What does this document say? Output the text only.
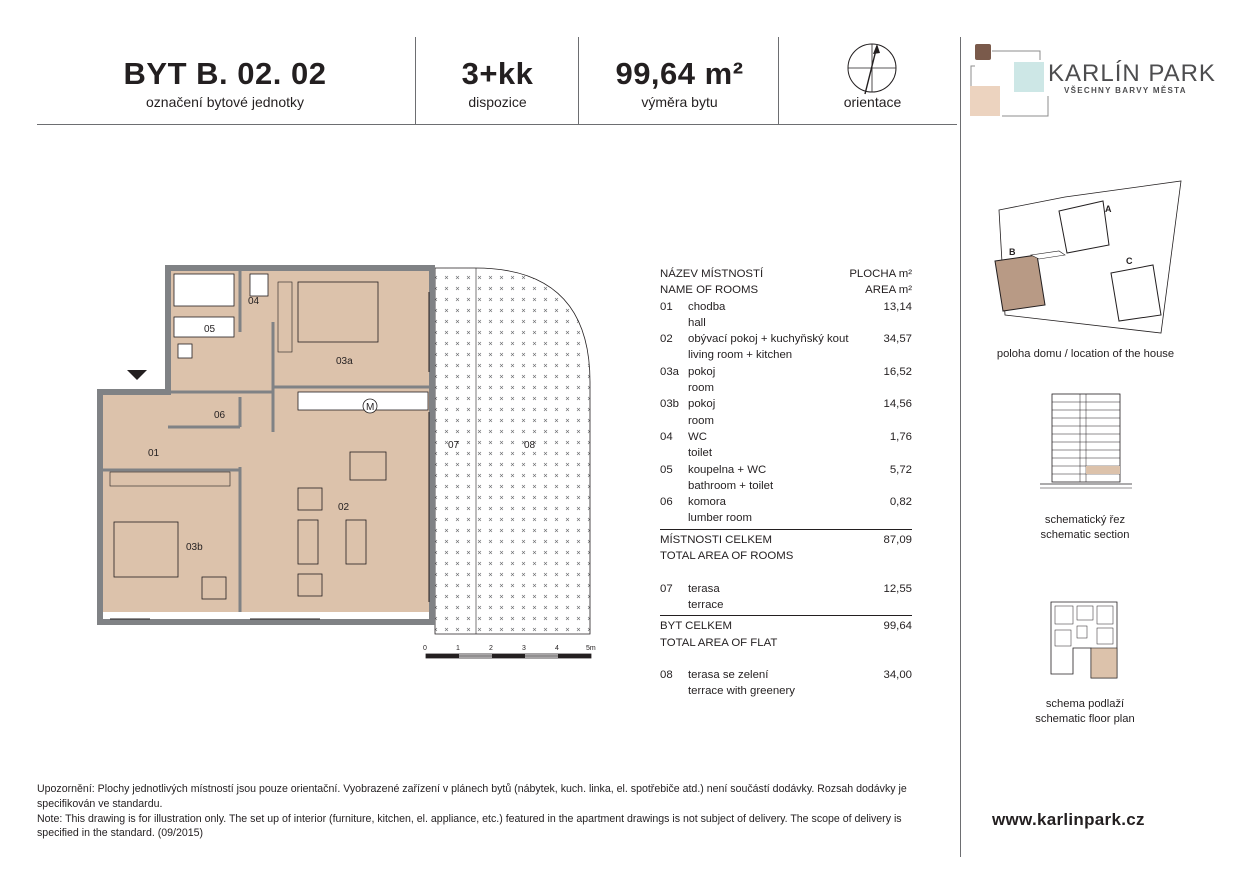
BYT B. 02. 02
označení bytové jednotky
3+kk
dispozice
99,64 m²
výměra bytu	orientace
KARLÍN PARK
VŠECHNY BARVY MĚSTA
01
02
03a
03b
04
05
06
07	08
M
0	1	2	3	4	5m
NÁZEV MÍSTNOSTÍ	PLOCHA m²
NAME OF ROOMS	AREA m²
01 chodba	13,14
hall
02 obývací pokoj + kuchyňský kout	34,57
living room + kitchen
03a pokoj	16,52
room
03b pokoj	14,56
room
04 WC	1,76
toilet
05 koupelna + WC	5,72
bathroom + toilet
06 komora	0,82
lumber room
MÍSTNOSTI CELKEM	87,09
TOTAL AREA OF ROOMS
07 terasa	12,55
terrace
BYT CELKEM	99,64
TOTAL AREA OF FLAT
08 terasa se zelení	34,00
terrace with greenery
A
B
C
poloha domu / location of the house
schematický řez
schematic section
schema podlaží
schematic floor plan
Upozornění: Plochy jednotlivých místností jsou pouze orientační. Vyobrazené zařízení v plánech bytů (nábytek, kuch. linka, el. spotřebiče atd.) není součástí dodávky. Rozsah dodávky je specifikován ve standardu.
Note: This drawing is for illustration only. The set up of interior (furniture, kitchen, el. appliance, etc.) featured in the apartment drawings is not subject of delivery. The scope of delivery is specified in the standard. (09/2015)
www.karlinpark.cz
